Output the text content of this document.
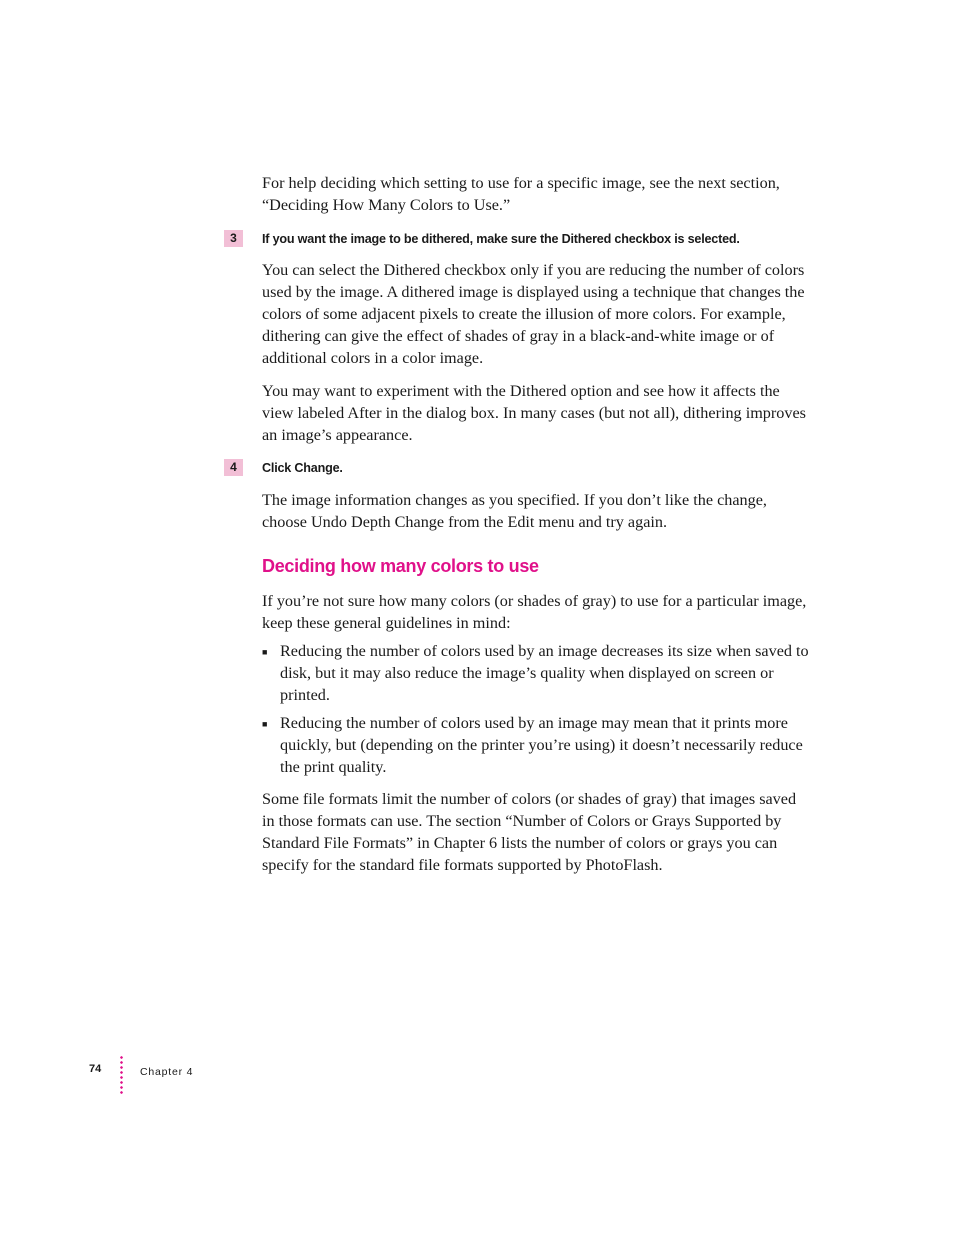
For help deciding which setting to use for a specific image, see the next section, “Deciding How Many Colors to Use.”

3	If you want the image to be dithered, make sure the Dithered checkbox is selected.

You can select the Dithered checkbox only if you are reducing the number of colors used by the image. A dithered image is displayed using a technique that changes the colors of some adjacent pixels to create the illusion of more colors. For example, dithering can give the effect of shades of gray in a black-and-white image or of additional colors in a color image.

You may want to experiment with the Dithered option and see how it affects the view labeled After in the dialog box. In many cases (but not all), dithering improves an image’s appearance.

4	Click Change.

The image information changes as you specified. If you don’t like the change, choose Undo Depth Change from the Edit menu and try again.

Deciding how many colors to use

If you’re not sure how many colors (or shades of gray) to use for a particular image, keep these general guidelines in mind:

■ Reducing the number of colors used by an image decreases its size when saved to disk, but it may also reduce the image’s quality when displayed on screen or printed.
■ Reducing the number of colors used by an image may mean that it prints more quickly, but (depending on the printer you’re using) it doesn’t necessarily reduce the print quality.

Some file formats limit the number of colors (or shades of gray) that images saved in those formats can use. The section “Number of Colors or Grays Supported by Standard File Formats” in Chapter 6 lists the number of colors or grays you can specify for the standard file formats supported by PhotoFlash.

74	Chapter 4
